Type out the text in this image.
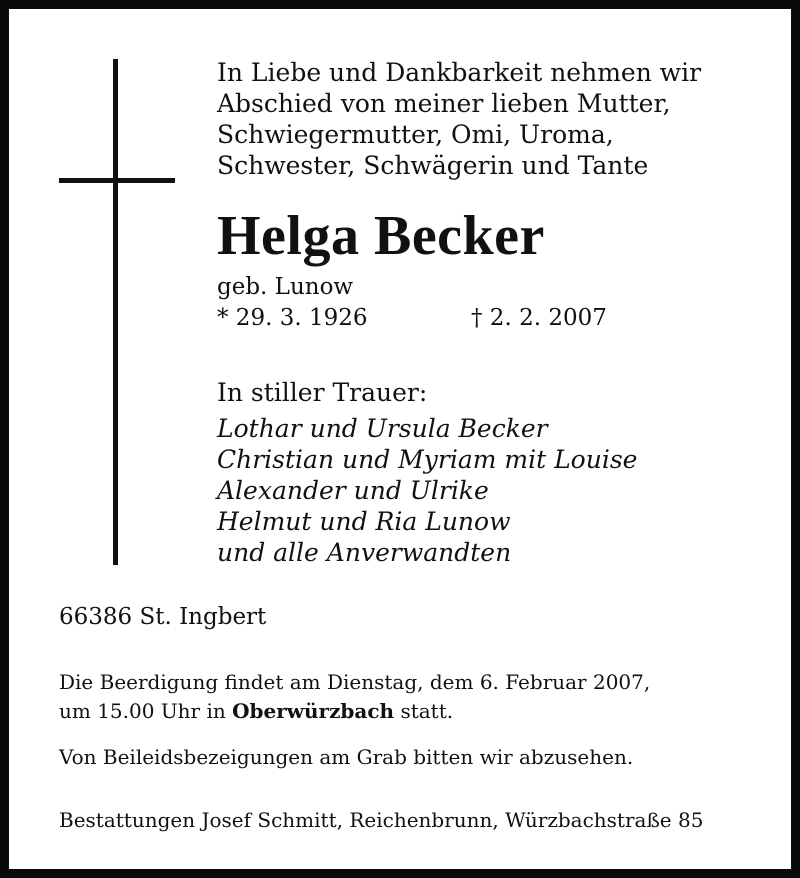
In Liebe und Dankbarkeit nehmen wir
Abschied von meiner lieben Mutter,
Schwiegermutter, Omi, Uroma,
Schwester, Schwägerin und Tante
Helga Becker
geb. Lunow
* 29. 3. 1926	† 2. 2. 2007
In stiller Trauer:
Lothar und Ursula Becker
Christian und Myriam mit Louise
Alexander und Ulrike
Helmut und Ria Lunow
und alle Anverwandten
66386 St. Ingbert
Die Beerdigung findet am Dienstag, dem 6. Februar 2007,
um 15.00 Uhr in Oberwürzbach statt.
Von Beileidsbezeigungen am Grab bitten wir abzusehen.
Bestattungen Josef Schmitt, Reichenbrunn, Würzbachstraße 85
